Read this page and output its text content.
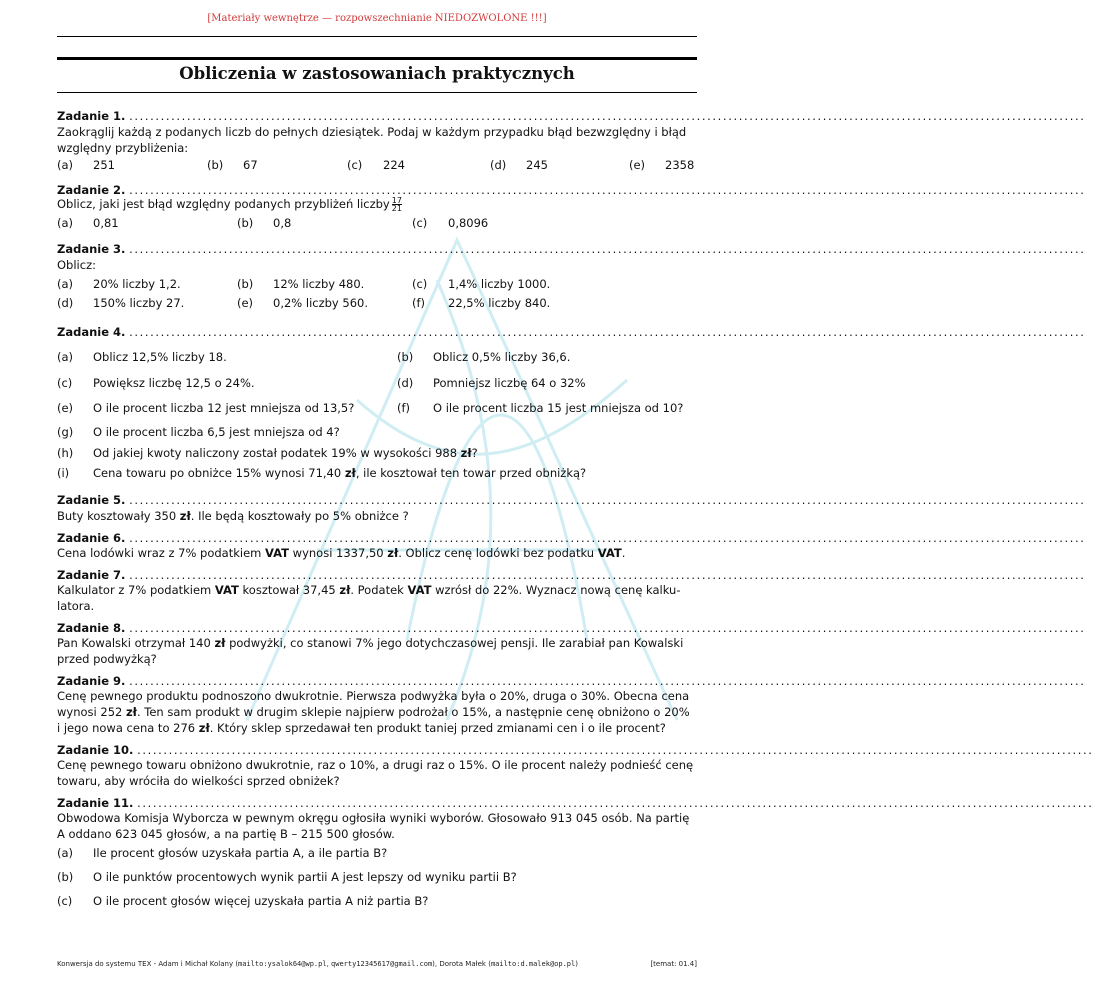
[Materiały wewnętrze — rozpowszechnianie NIEDOZWOLONE !!!]
Obliczenia w zastosowaniach praktycznych
Zadanie 1. ......................................................................................................................................................................................
Zaokrąglij każdą z podanych liczb do pełnych dziesiątek. Podaj w każdym przypadku błąd bezwzględny i błąd
względny przybliżenia:
(a) 251	(b) 67	(c) 224	(d) 245	(e) 2358
Zadanie 2. ......................................................................................................................................................................................
Oblicz, jaki jest błąd względny podanych przybliżeń liczby $\frac{17}{21}$
(a) 0,81	(b) 0,8	(c) 0,8096
Zadanie 3. ......................................................................................................................................................................................
Oblicz:
(a) 20% liczby 1,2.	(b) 12% liczby 480.	(c) 1,4% liczby 1000.
(d) 150% liczby 27.	(e) 0,2% liczby 560.	(f) 22,5% liczby 840.
Zadanie 4. ......................................................................................................................................................................................
(a) Oblicz 12,5% liczby 18.	(b) Oblicz 0,5% liczby 36,6.
(c) Powiększ liczbę 12,5 o 24%.	(d) Pomniejsz liczbę 64 o 32%
(e) O ile procent liczba 12 jest mniejsza od 13,5?	(f) O ile procent liczba 15 jest mniejsza od 10?
(g) O ile procent liczba 6,5 jest mniejsza od 4?
(h) Od jakiej kwoty naliczony został podatek 19% w wysokości 988 zł?
(i) Cena towaru po obniżce 15% wynosi 71,40 zł, ile kosztował ten towar przed obniżką?
Zadanie 5. ......................................................................................................................................................................................
Buty kosztowały 350 zł. Ile będą kosztowały po 5% obniżce ?
Zadanie 6. ......................................................................................................................................................................................
Cena lodówki wraz z 7% podatkiem VAT wynosi 1337,50 zł. Oblicz cenę lodówki bez podatku VAT.
Zadanie 7. ......................................................................................................................................................................................
Kalkulator z 7% podatkiem VAT kosztował 37,45 zł. Podatek VAT wzrósł do 22%. Wyznacz nową cenę kalku-
latora.
Zadanie 8. ......................................................................................................................................................................................
Pan Kowalski otrzymał 140 zł podwyżki, co stanowi 7% jego dotychczasowej pensji. Ile zarabiał pan Kowalski
przed podwyżką?
Zadanie 9. ......................................................................................................................................................................................
Cenę pewnego produktu podnoszono dwukrotnie. Pierwsza podwyżka była o 20%, druga o 30%. Obecna cena
wynosi 252 zł. Ten sam produkt w drugim sklepie najpierw podrożał o 15%, a następnie cenę obniżono o 20%
i jego nowa cena to 276 zł. Który sklep sprzedawał ten produkt taniej przed zmianami cen i o ile procent?
Zadanie 10. ......................................................................................................................................................................................
Cenę pewnego towaru obniżono dwukrotnie, raz o 10%, a drugi raz o 15%. O ile procent należy podnieść cenę
towaru, aby wróciła do wielkości sprzed obniżek?
Zadanie 11. ......................................................................................................................................................................................
Obwodowa Komisja Wyborcza w pewnym okręgu ogłosiła wyniki wyborów. Głosowało 913 045 osób. Na partię
A oddano 623 045 głosów, a na partię B – 215 500 głosów.
(a) Ile procent głosów uzyskała partia A, a ile partia B?
(b) O ile punktów procentowych wynik partii A jest lepszy od wyniku partii B?
(c) O ile procent głosów więcej uzyskała partia A niż partia B?
Konwersja do systemu TEX - Adam i Michał Kolany (mailto:ysalok64@wp.pl, qwerty12345617@gmail.com), Dorota Małek (mailto:d.malek@op.pl)	[temat: 01.4]
